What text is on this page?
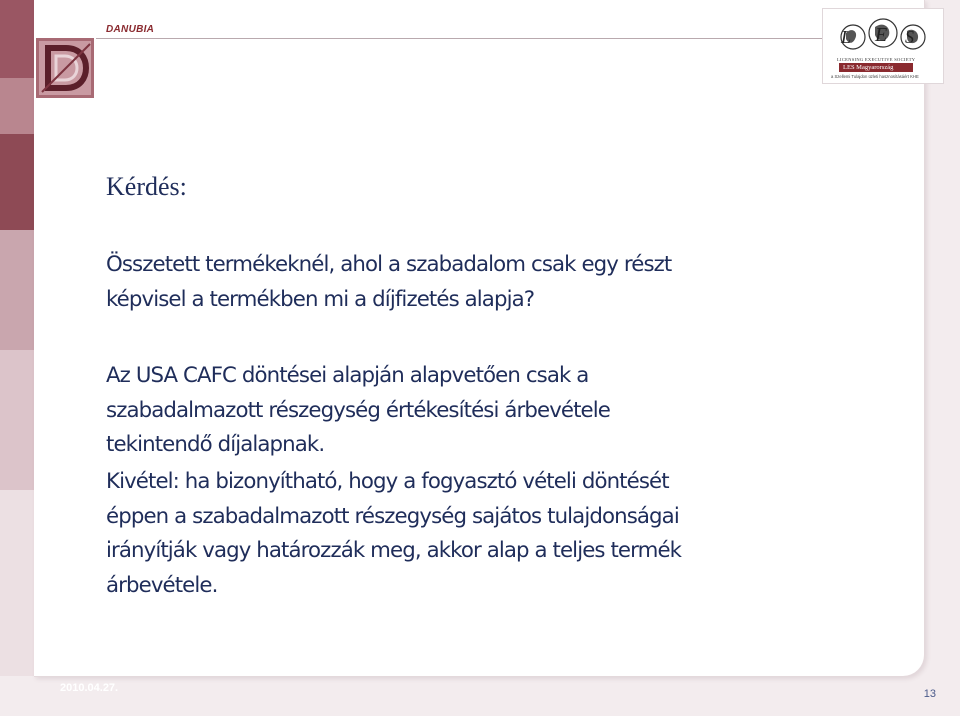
DANUBIA	L E S
LICENSING EXECUTIVE SOCIETY
LES Magyarország
a Szellemi Tulajdon üzleti hasznosításáért KHE
Kérdés:

Összetett termékeknél, ahol a szabadalom csak egy részt
képvisel a termékben mi a díjfizetés alapja?

Az USA CAFC döntései alapján alapvetően csak a
szabadalmazott részegység értékesítési árbevétele
tekintendő díjalapnak.

Kivétel: ha bizonyítható, hogy a fogyasztó vételi döntését
éppen a szabadalmazott részegység sajátos tulajdonságai
irányítják vagy határozzák meg, akkor alap a teljes termék
árbevétele.

2010.04.27.	13
